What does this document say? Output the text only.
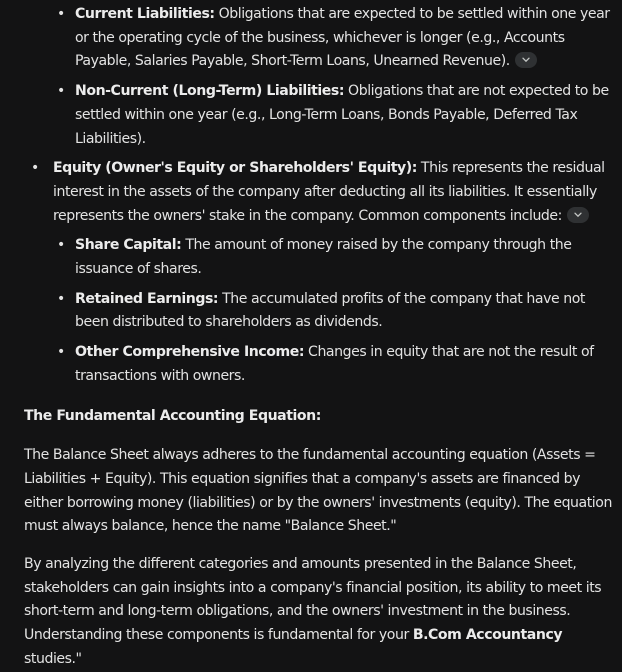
• Current Liabilities: Obligations that are expected to be settled within one year or the operating cycle of the business, whichever is longer (e.g., Accounts Payable, Salaries Payable, Short-Term Loans, Unearned Revenue).
• Non-Current (Long-Term) Liabilities: Obligations that are not expected to be settled within one year (e.g., Long-Term Loans, Bonds Payable, Deferred Tax Liabilities).
• Equity (Owner's Equity or Shareholders' Equity): This represents the residual interest in the assets of the company after deducting all its liabilities. It essentially represents the owners' stake in the company. Common components include:
• Share Capital: The amount of money raised by the company through the issuance of shares.
• Retained Earnings: The accumulated profits of the company that have not been distributed to shareholders as dividends.
• Other Comprehensive Income: Changes in equity that are not the result of transactions with owners.
The Fundamental Accounting Equation:
The Balance Sheet always adheres to the fundamental accounting equation (Assets = Liabilities + Equity). This equation signifies that a company's assets are financed by either borrowing money (liabilities) or by the owners' investments (equity). The equation must always balance, hence the name "Balance Sheet."
By analyzing the different categories and amounts presented in the Balance Sheet, stakeholders can gain insights into a company's financial position, its ability to meet its short-term and long-term obligations, and the owners' investment in the business. Understanding these components is fundamental for your B.Com Accountancy studies."
